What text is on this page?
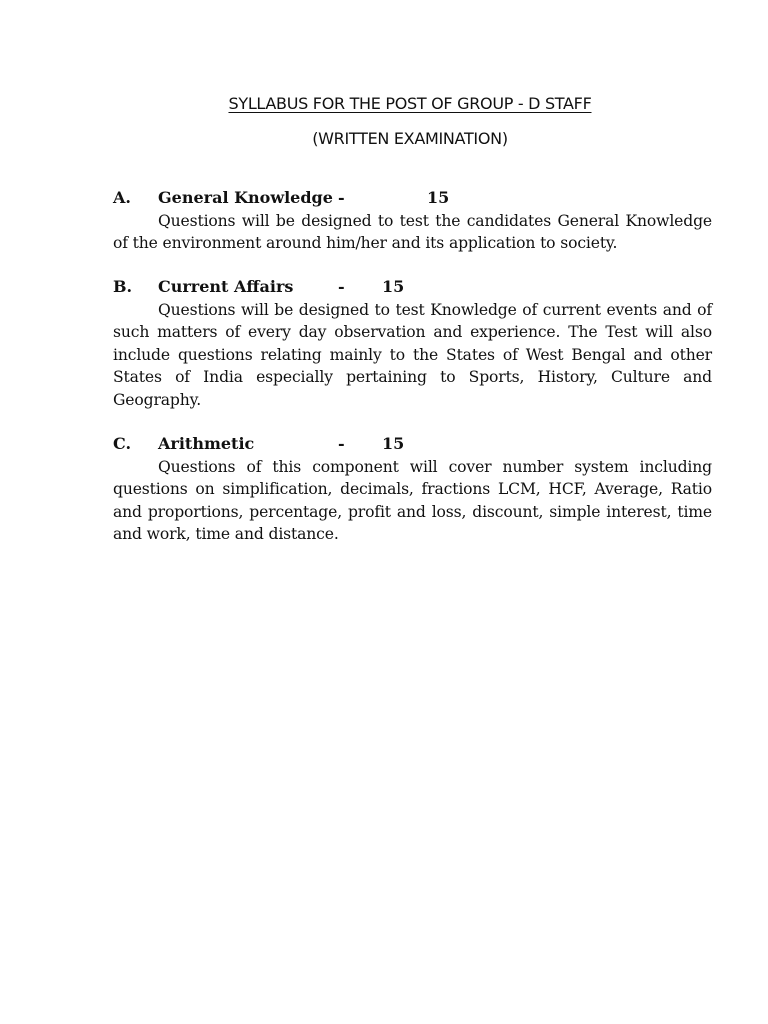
SYLLABUS FOR THE POST OF GROUP - D STAFF
(WRITTEN EXAMINATION)
A. General Knowledge -	15

Questions will be designed to test the candidates General Knowledge of the environment around him/her and its application to society.

B. Current Affairs	- 15

Questions will be designed to test Knowledge of current events and of such matters of every day observation and experience. The Test will also include questions relating mainly to the States of West Bengal and other States of India especially pertaining to Sports, History, Culture and Geography.

C. Arithmetic	- 15

Questions of this component will cover number system including questions on simplification, decimals, fractions LCM, HCF, Average, Ratio and proportions, percentage, profit and loss, discount, simple interest, time and work, time and distance.
